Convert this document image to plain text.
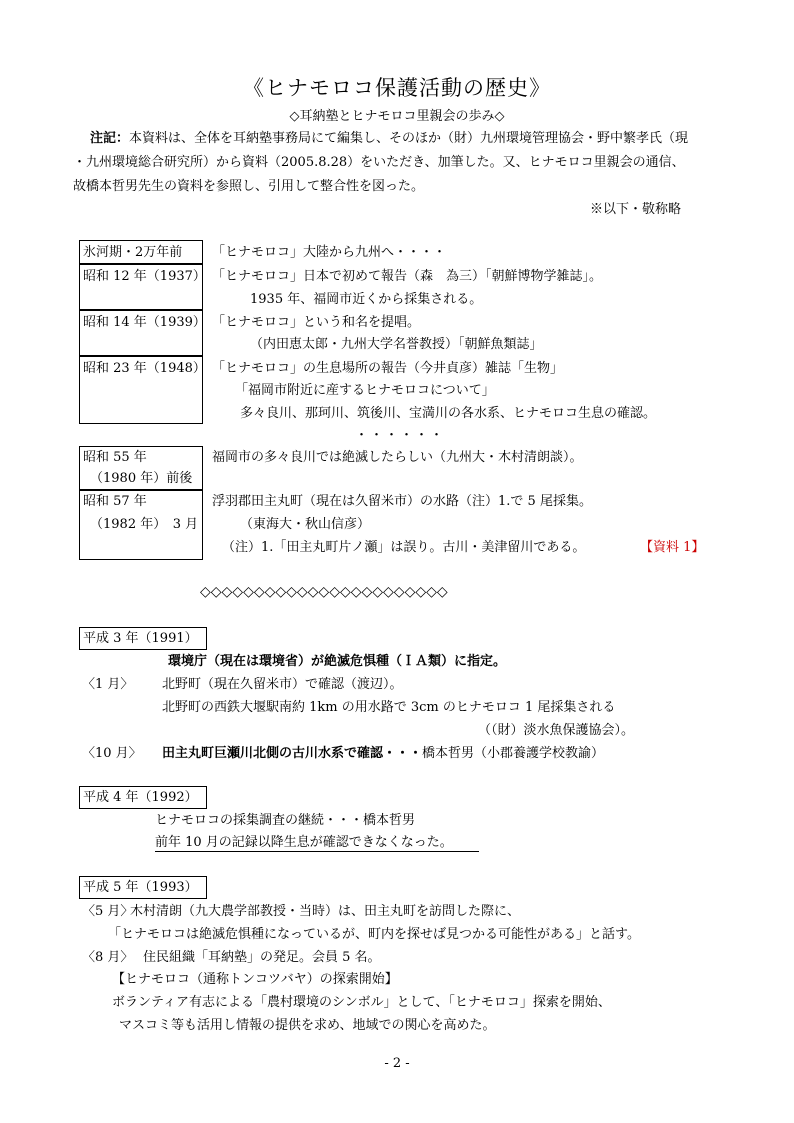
《ヒナモロコ保護活動の歴史》
◇耳納塾とヒナモロコ里親会の歩み◇
注記：本資料は、全体を耳納塾事務局にて編集し、そのほか（財）九州環境管理協会・野中繁孝氏（現
・九州環境総合研究所）から資料（2005.8.28）をいただき、加筆した。又、ヒナモロコ里親会の通信、
故橋本哲男先生の資料を参照し、引用して整合性を図った。
※以下・敬称略
氷河期・2万年前 「ヒナモロコ」大陸から九州へ・・・・
昭和 12 年（1937） 「ヒナモロコ」日本で初めて報告（森　為三）「朝鮮博物学雑誌」。
1935 年、福岡市近くから採集される。
昭和 14 年（1939） 「ヒナモロコ」という和名を提唱。
（内田恵太郎・九州大学名誉教授）「朝鮮魚類誌」
昭和 23 年（1948） 「ヒナモロコ」の生息場所の報告（今井貞彦）雑誌「生物」
「福岡市附近に産するヒナモロコについて」
多々良川、那珂川、筑後川、宝満川の各水系、ヒナモロコ生息の確認。
・・・・・・
昭和 55 年
（1980 年）前後
福岡市の多々良川では絶滅したらしい（九州大・木村清朗談）。
昭和 57 年
（1982 年）　3 月
浮羽郡田主丸町（現在は久留米市）の水路（注）1.で 5 尾採集。
（東海大・秋山信彦）
（注）1.「田主丸町片ノ瀬」は誤り。古川・美津留川である。	【資料 1】
◇◇◇◇◇◇◇◇◇◇◇◇◇◇◇◇◇◇◇◇◇◇◇
平成 3 年（1991）
環境庁（現在は環境省）が絶滅危惧種（ＩＡ類）に指定。
〈1 月〉 北野町（現在久留米市）で確認（渡辺）。
北野町の西鉄大堰駅南約 1km の用水路で 3cm のヒナモロコ 1 尾採集される
（（財）淡水魚保護協会）。
〈10 月〉 田主丸町巨瀬川北側の古川水系で確認・・・橋本哲男（小郡養護学校教諭）
平成 4 年（1992）
ヒナモロコの採集調査の継続・・・橋本哲男
前年 10 月の記録以降生息が確認できなくなった。
平成 5 年（1993）
〈5 月〉
木村清朗（九大農学部教授・当時）は、田主丸町を訪問した際に、
「ヒナモロコは絶滅危惧種になっているが、町内を探せば見つかる可能性がある」と話す。
〈8 月〉 住民組織「耳納塾」の発足。会員 5 名。
【ヒナモロコ（通称トンコツバヤ）の探索開始】
ボランティア有志による「農村環境のシンボル」として、「ヒナモロコ」探索を開始、
マスコミ等も活用し情報の提供を求め、地域での関心を高めた。
- 2 -
